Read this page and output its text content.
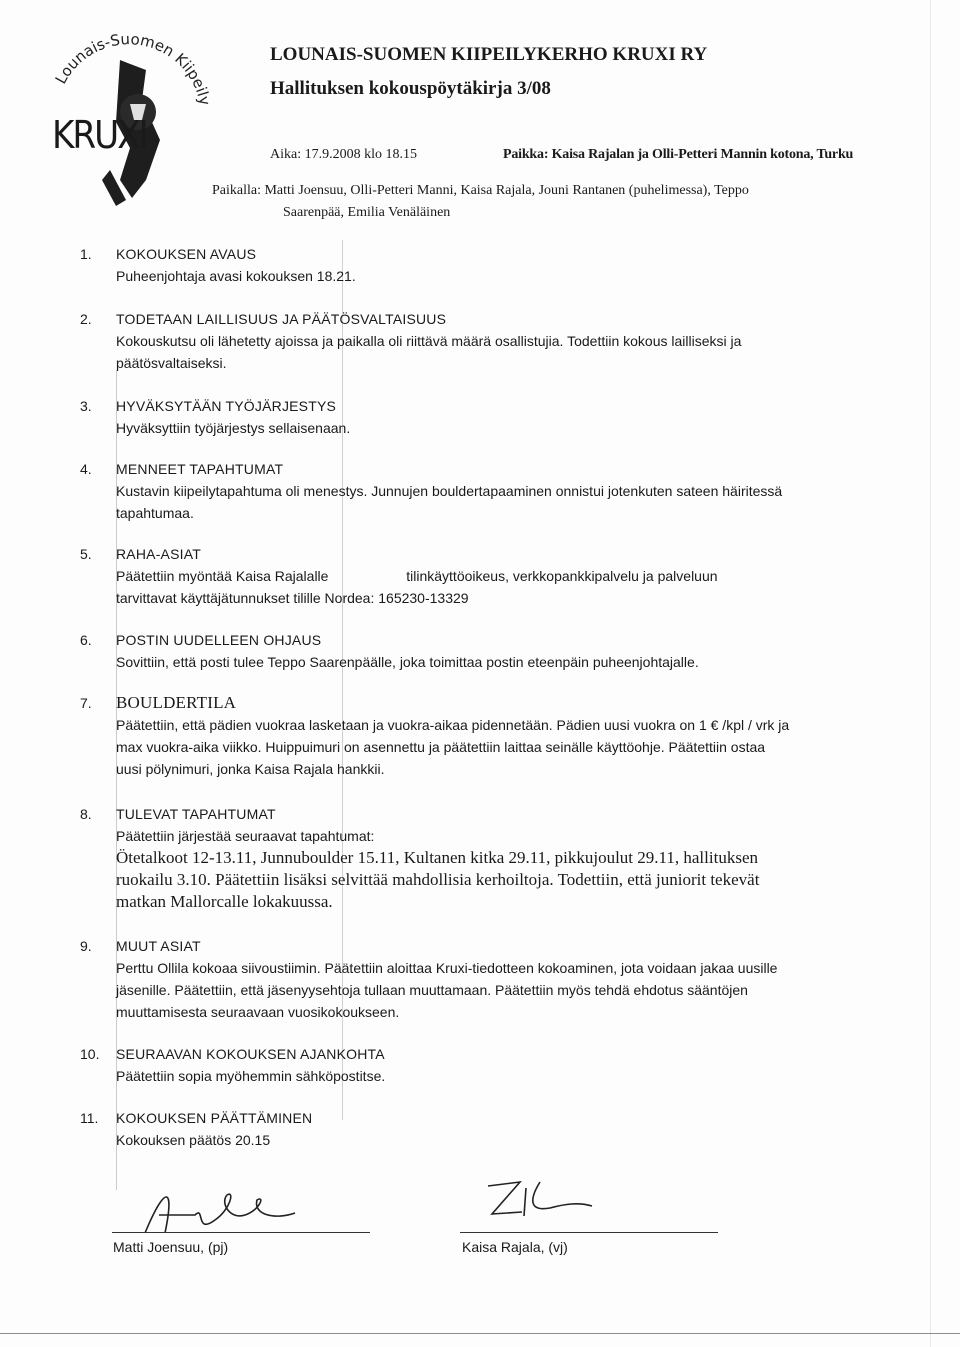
Lounais-Suomen Kiipeily
KRUXI
LOUNAIS-SUOMEN KIIPEILYKERHO KRUXI RY
Hallituksen kokouspöytäkirja 3/08
Aika: 17.9.2008 klo 18.15	Paikka: Kaisa Rajalan ja Olli-Petteri Mannin kotona, Turku
Paikalla: Matti Joensuu, Olli-Petteri Manni, Kaisa Rajala, Jouni Rantanen (puhelimessa), Teppo
Saarenpää, Emilia Venäläinen
1.	KOKOUKSEN AVAUS
Puheenjohtaja avasi kokouksen 18.21.
2.	TODETAAN LAILLISUUS JA PÄÄTÖSVALTAISUUS
Kokouskutsu oli lähetetty ajoissa ja paikalla oli riittävä määrä osallistujia. Todettiin kokous lailliseksi ja
päätösvaltaiseksi.
3.	HYVÄKSYTÄÄN TYÖJÄRJESTYS
Hyväksyttiin työjärjestys sellaisenaan.
4.	MENNEET TAPAHTUMAT
Kustavin kiipeilytapahtuma oli menestys. Junnujen bouldertapaaminen onnistui jotenkuten sateen häiritessä
tapahtumaa.
5.	RAHA-ASIAT
Päätettiin myöntää Kaisa Rajalalle                    tilinkäyttöoikeus, verkkopankkipalvelu ja palveluun
tarvittavat käyttäjätunnukset tilille Nordea: 165230-13329
6.	POSTIN UUDELLEEN OHJAUS
Sovittiin, että posti tulee Teppo Saarenpäälle, joka toimittaa postin eteenpäin puheenjohtajalle.
7.	BOULDERTILA
Päätettiin, että pädien vuokraa lasketaan ja vuokra-aikaa pidennetään. Pädien uusi vuokra on 1 € /kpl / vrk ja
max vuokra-aika viikko. Huippuimuri on asennettu ja päätettiin laittaa seinälle käyttöohje. Päätettiin ostaa
uusi pölynimuri, jonka Kaisa Rajala hankkii.
8.	TULEVAT TAPAHTUMAT
Päätettiin järjestää seuraavat tapahtumat:
Ötetalkoot 12-13.11, Junnuboulder 15.11, Kultanen kitka 29.11, pikkujoulut 29.11, hallituksen
ruokailu 3.10. Päätettiin lisäksi selvittää mahdollisia kerhoiltoja. Todettiin, että juniorit tekevät
matkan Mallorcalle lokakuussa.
9.	MUUT ASIAT
Perttu Ollila kokoaa siivoustiimin. Päätettiin aloittaa Kruxi-tiedotteen kokoaminen, jota voidaan jakaa uusille
jäsenille. Päätettiin, että jäsenyysehtoja tullaan muuttamaan. Päätettiin myös tehdä ehdotus sääntöjen
muuttamisesta seuraavaan vuosikokoukseen.
10.	SEURAAVAN KOKOUKSEN AJANKOHTA
Päätettiin sopia myöhemmin sähköpostitse.
11.	KOKOUKSEN PÄÄTTÄMINEN
Kokouksen päätös 20.15
Matti Joensuu, (pj)	Kaisa Rajala, (vj)
